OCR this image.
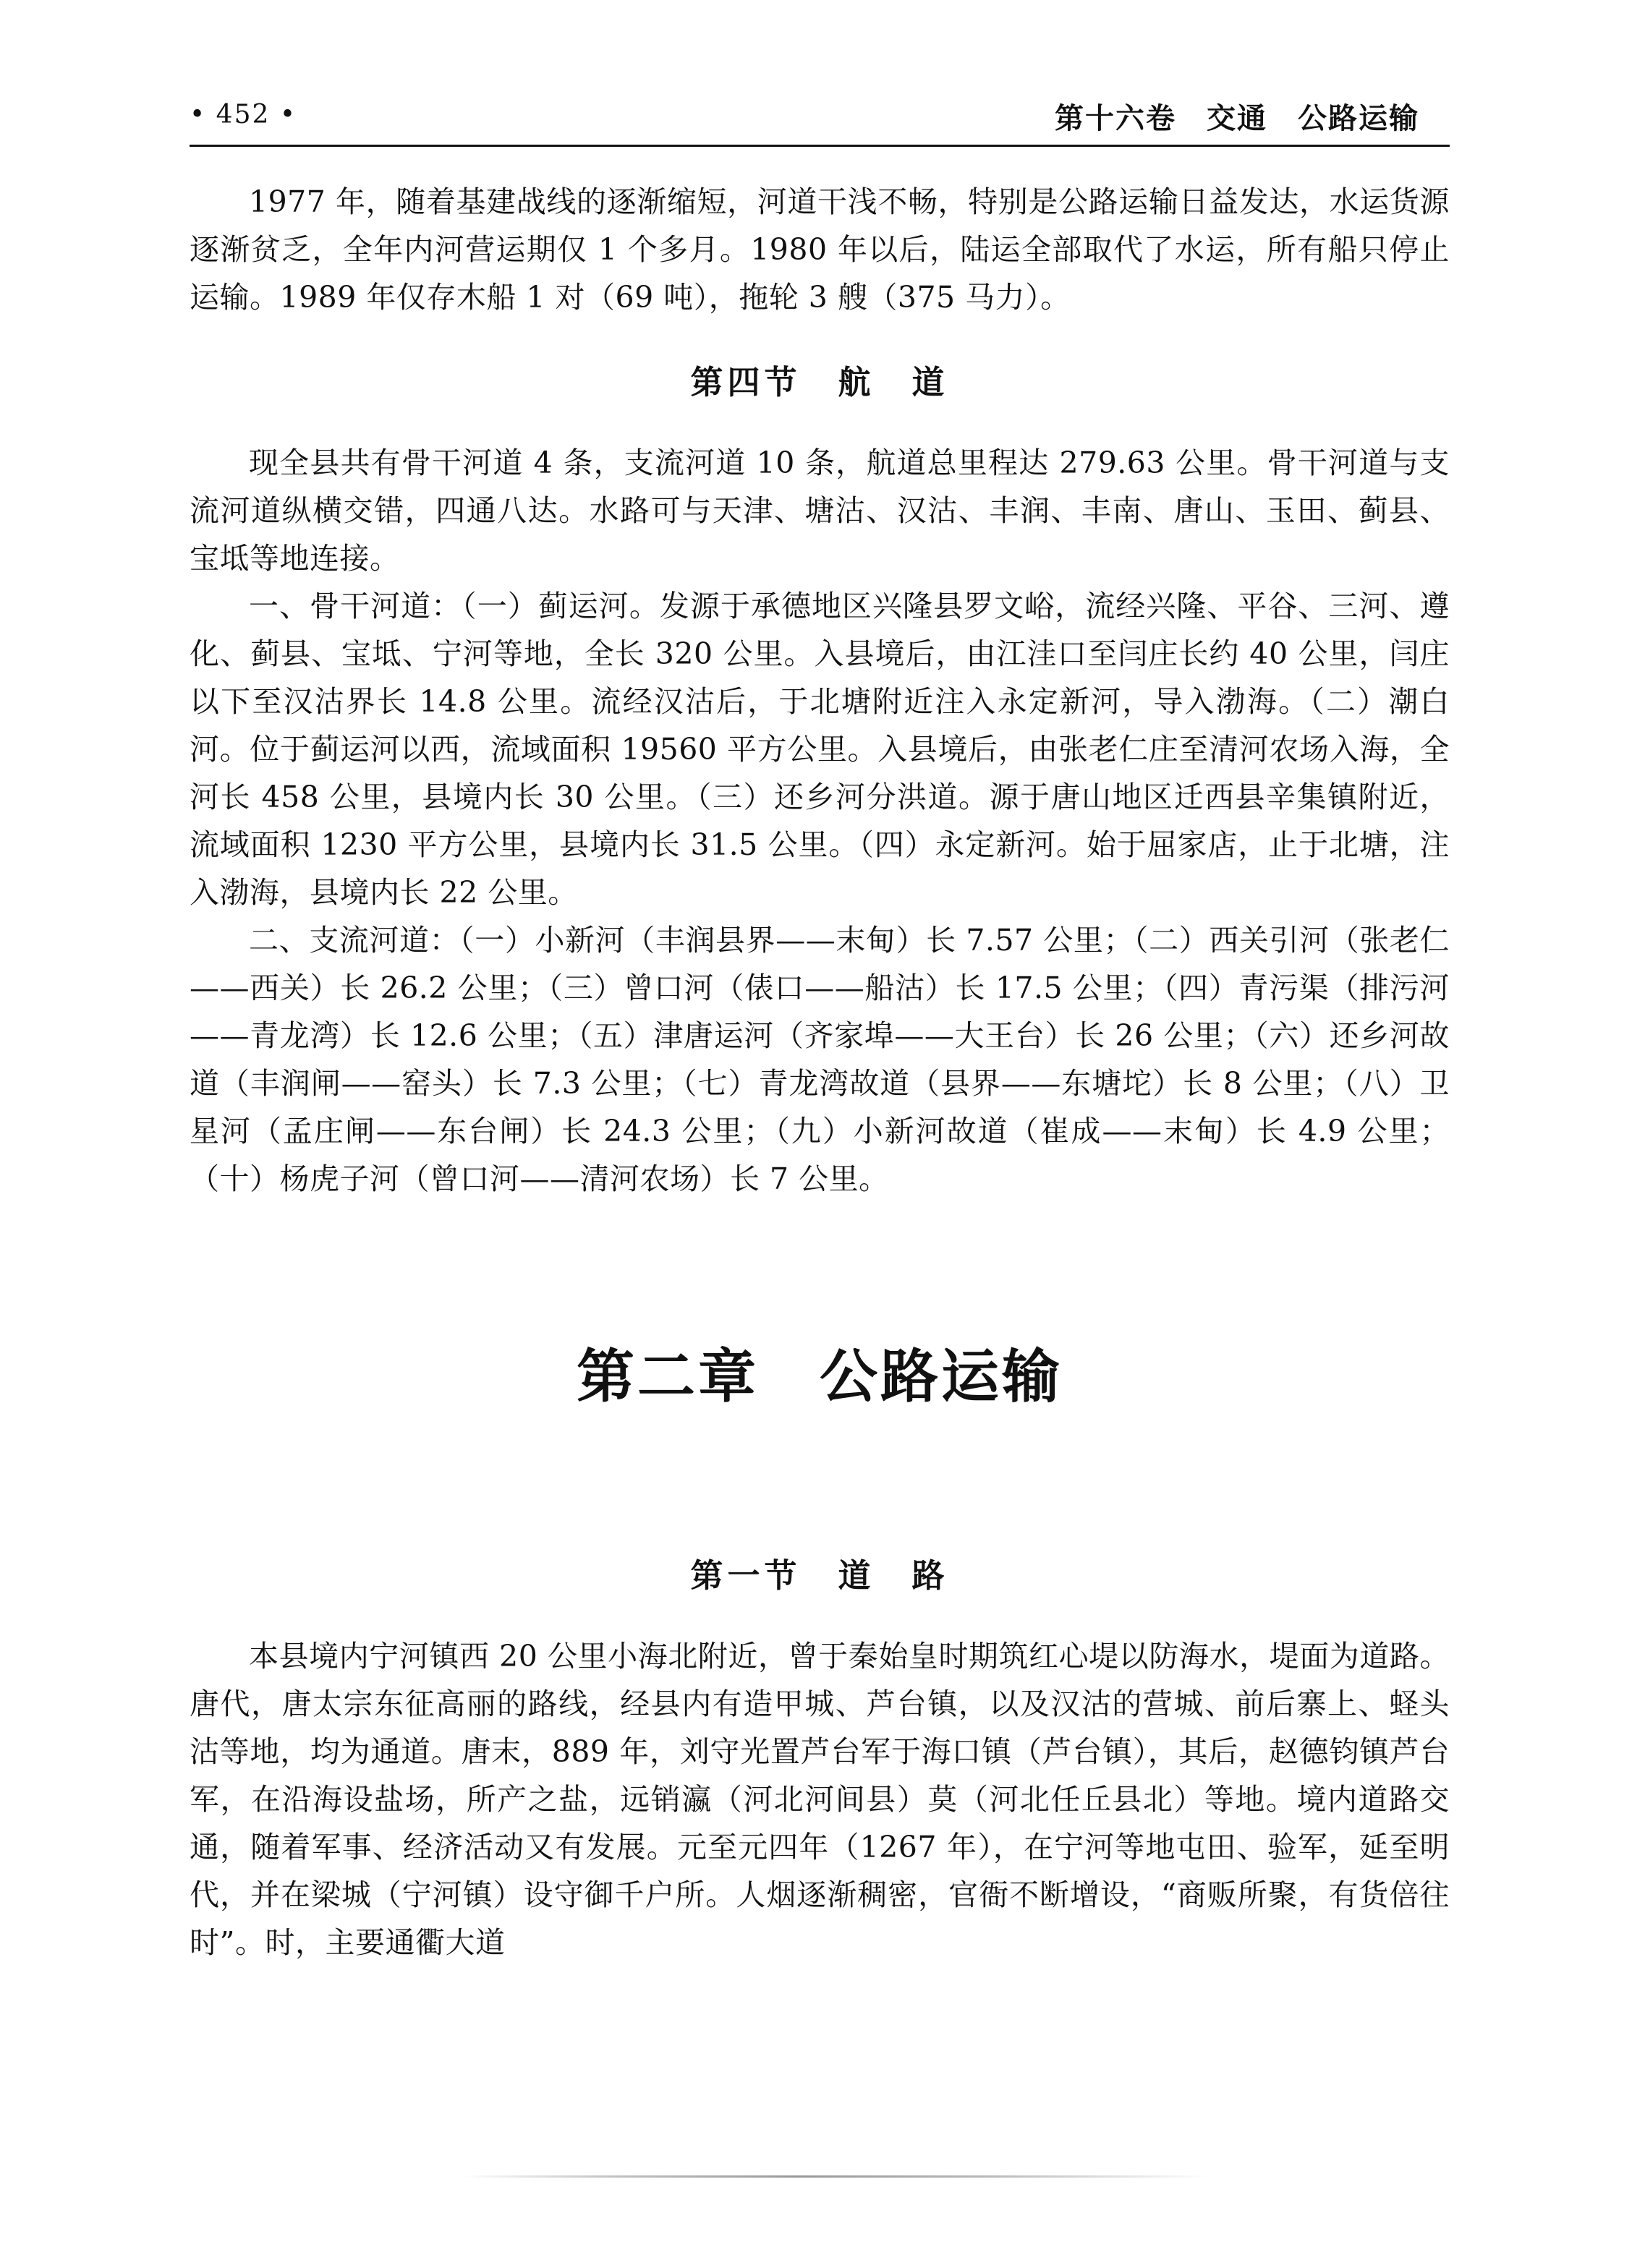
• 452 •	第十六卷　交通　公路运输

1977 年，随着基建战线的逐渐缩短，河道干浅不畅，特别是公路运输日益发达，水运货源逐渐贫乏，全年内河营运期仅 1 个多月。1980 年以后，陆运全部取代了水运，所有船只停止运输。1989 年仅存木船 1 对（69 吨），拖轮 3 艘（375 马力）。

第四节　航　道

现全县共有骨干河道 4 条，支流河道 10 条，航道总里程达 279.63 公里。骨干河道与支流河道纵横交错，四通八达。水路可与天津、塘沽、汉沽、丰润、丰南、唐山、玉田、蓟县、宝坻等地连接。

一、骨干河道：（一）蓟运河。发源于承德地区兴隆县罗文峪，流经兴隆、平谷、三河、遵化、蓟县、宝坻、宁河等地，全长 320 公里。入县境后，由江洼口至闫庄长约 40 公里，闫庄以下至汉沽界长 14.8 公里。流经汉沽后，于北塘附近注入永定新河，导入渤海。（二）潮白河。位于蓟运河以西，流域面积 19560 平方公里。入县境后，由张老仁庄至清河农场入海，全河长 458 公里，县境内长 30 公里。（三）还乡河分洪道。源于唐山地区迁西县辛集镇附近，流域面积 1230 平方公里，县境内长 31.5 公里。（四）永定新河。始于屈家店，止于北塘，注入渤海，县境内长 22 公里。

二、支流河道：（一）小新河（丰润县界——末甸）长 7.57 公里；（二）西关引河（张老仁——西关）长 26.2 公里；（三）曾口河（俵口——船沽）长 17.5 公里；（四）青污渠（排污河——青龙湾）长 12.6 公里；（五）津唐运河（齐家埠——大王台）长 26 公里；（六）还乡河故道（丰润闸——窑头）长 7.3 公里；（七）青龙湾故道（县界——东塘坨）长 8 公里；（八）卫星河（孟庄闸——东台闸）长 24.3 公里；（九）小新河故道（崔成——末甸）长 4.9 公里；（十）杨虎子河（曾口河——清河农场）长 7 公里。

第二章　公路运输
第一节　道　路

本县境内宁河镇西 20 公里小海北附近，曾于秦始皇时期筑红心堤以防海水，堤面为道路。唐代，唐太宗东征高丽的路线，经县内有造甲城、芦台镇，以及汉沽的营城、前后寨上、蛏头沽等地，均为通道。唐末，889 年，刘守光置芦台军于海口镇（芦台镇），其后，赵德钧镇芦台军，在沿海设盐场，所产之盐，远销瀛（河北河间县）莫（河北任丘县北）等地。境内道路交通，随着军事、经济活动又有发展。元至元四年（1267 年），在宁河等地屯田、验军，延至明代，并在梁城（宁河镇）设守御千户所。人烟逐渐稠密，官衙不断增设，“商贩所聚，有货倍往时”。时，主要通衢大道
